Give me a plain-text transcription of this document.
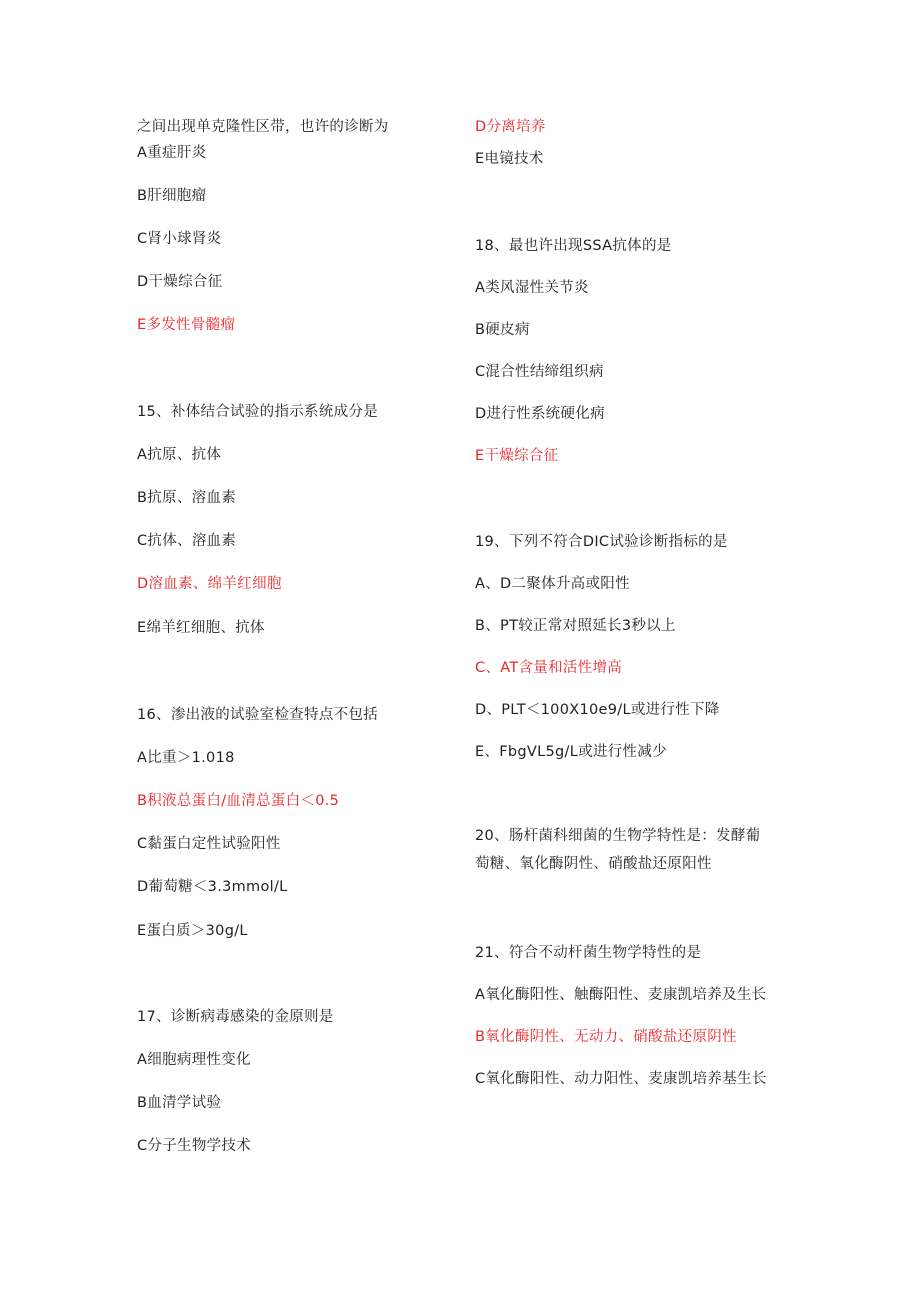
之间出现单克隆性区带，也许的诊断为
A重症肝炎
B肝细胞瘤
C肾小球肾炎
D干燥综合征
E多发性骨髓瘤
15、补体结合试验的指示系统成分是
A抗原、抗体
B抗原、溶血素
C抗体、溶血素
D溶血素、绵羊红细胞
E绵羊红细胞、抗体
16、渗出液的试验室检查特点不包括
A比重＞1.018
B积液总蛋白/血清总蛋白＜0.5
C黏蛋白定性试验阳性
D葡萄糖＜3.3mmol∕L
E蛋白质＞30g∕L
17、诊断病毒感染的金原则是
A细胞病理性变化
B血清学试验
C分子生物学技术
D分离培养
E电镜技术
18、最也许出现SSA抗体的是
A类风湿性关节炎
B硬皮病
C混合性结缔组织病
D进行性系统硬化病
E干燥综合征
19、下列不符合DIC试验诊断指标的是
A、D二聚体升高或阳性
B、PT较正常对照延长3秒以上
C、AT含量和活性增高
D、PLT＜100X10e9∕L或进行性下降
E、FbgVL5g∕L或进行性减少
20、肠杆菌科细菌的生物学特性是：发酵葡萄糖、氧化酶阴性、硝酸盐还原阳性
21、符合不动杆菌生物学特性的是
A氧化酶阳性、触酶阳性、麦康凯培养及生长
B氧化酶阴性、无动力、硝酸盐还原阴性
C氧化酶阳性、动力阳性、麦康凯培养基生长
